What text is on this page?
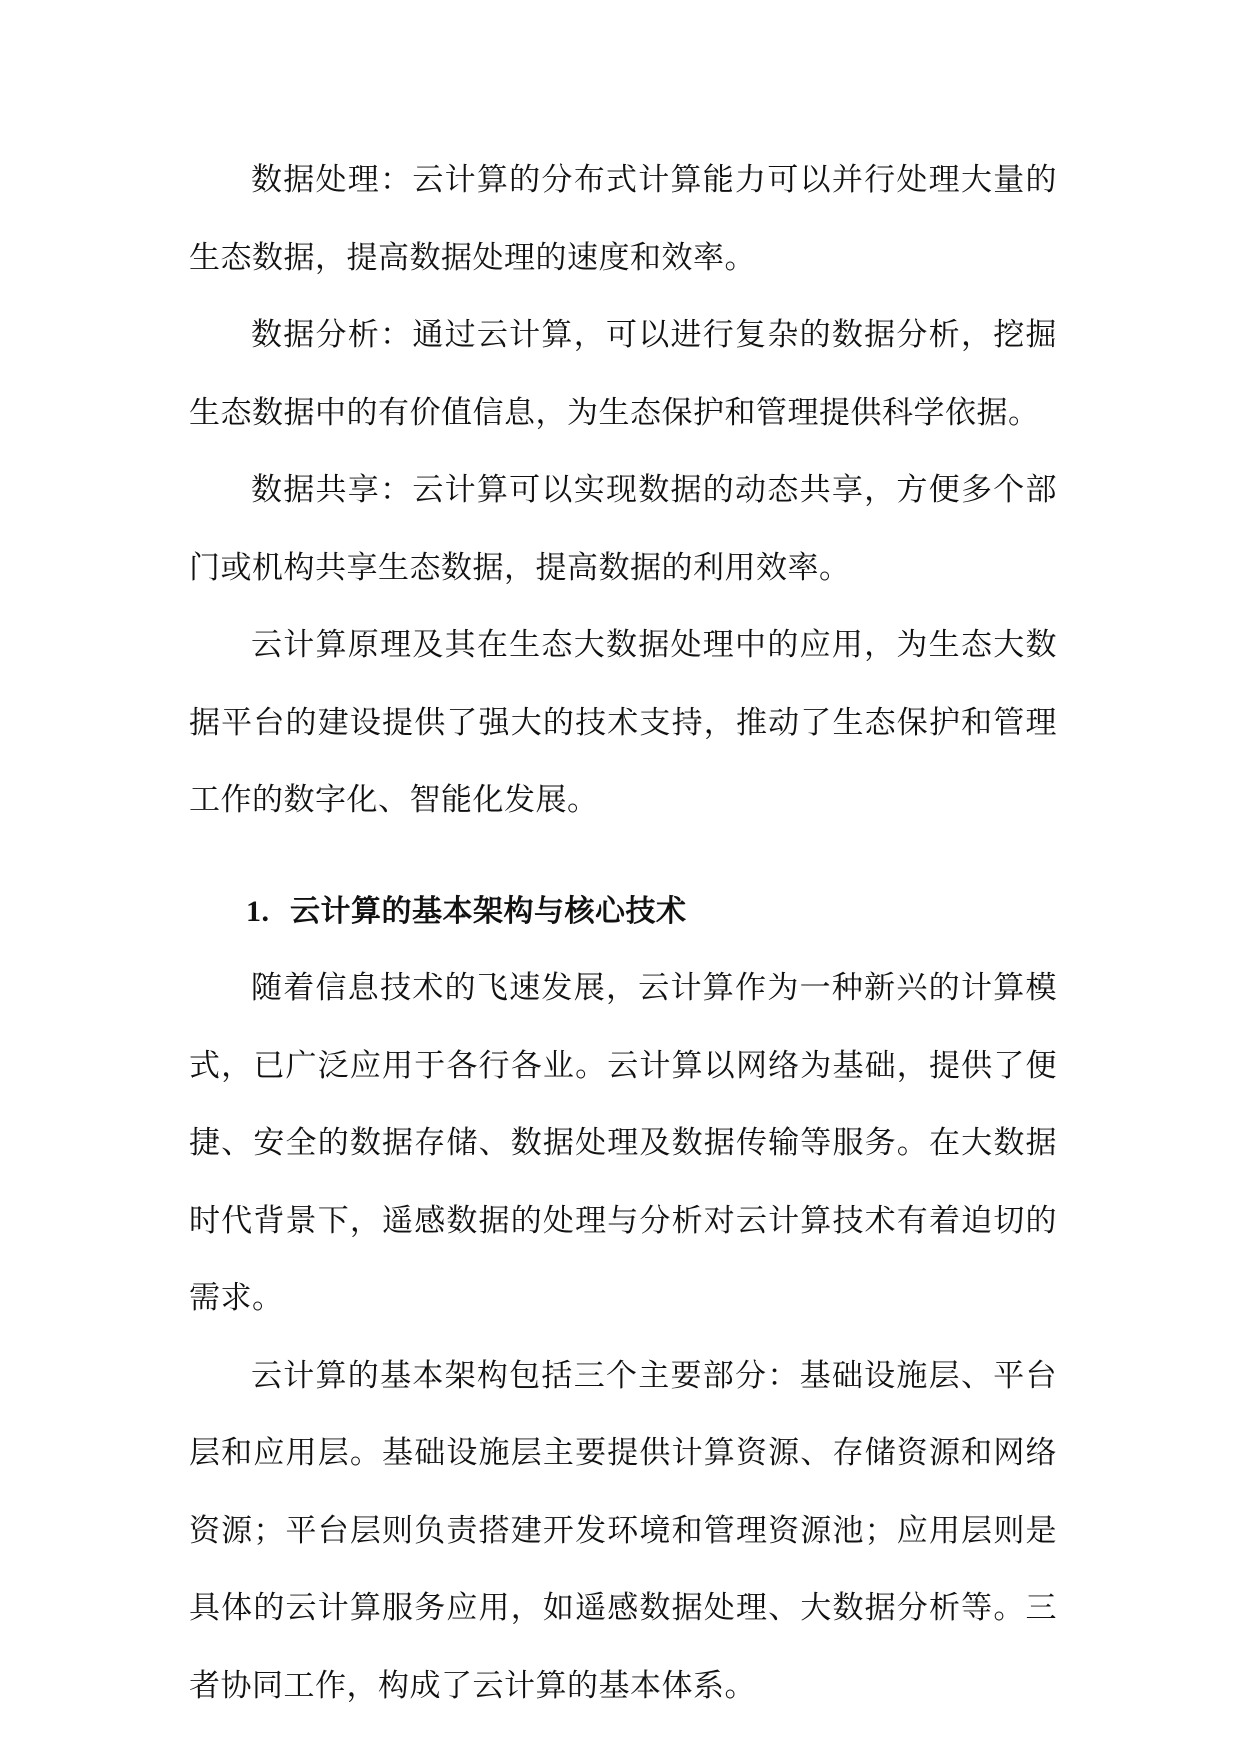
数据处理：云计算的分布式计算能力可以并行处理大量的生态数据，提高数据处理的速度和效率。

数据分析：通过云计算，可以进行复杂的数据分析，挖掘生态数据中的有价值信息，为生态保护和管理提供科学依据。

数据共享：云计算可以实现数据的动态共享，方便多个部门或机构共享生态数据，提高数据的利用效率。

云计算原理及其在生态大数据处理中的应用，为生态大数据平台的建设提供了强大的技术支持，推动了生态保护和管理工作的数字化、智能化发展。

1. 云计算的基本架构与核心技术

随着信息技术的飞速发展，云计算作为一种新兴的计算模式，已广泛应用于各行各业。云计算以网络为基础，提供了便捷、安全的数据存储、数据处理及数据传输等服务。在大数据时代背景下，遥感数据的处理与分析对云计算技术有着迫切的需求。

云计算的基本架构包括三个主要部分：基础设施层、平台层和应用层。基础设施层主要提供计算资源、存储资源和网络资源；平台层则负责搭建开发环境和管理资源池；应用层则是具体的云计算服务应用，如遥感数据处理、大数据分析等。三者协同工作，构成了云计算的基本体系。
